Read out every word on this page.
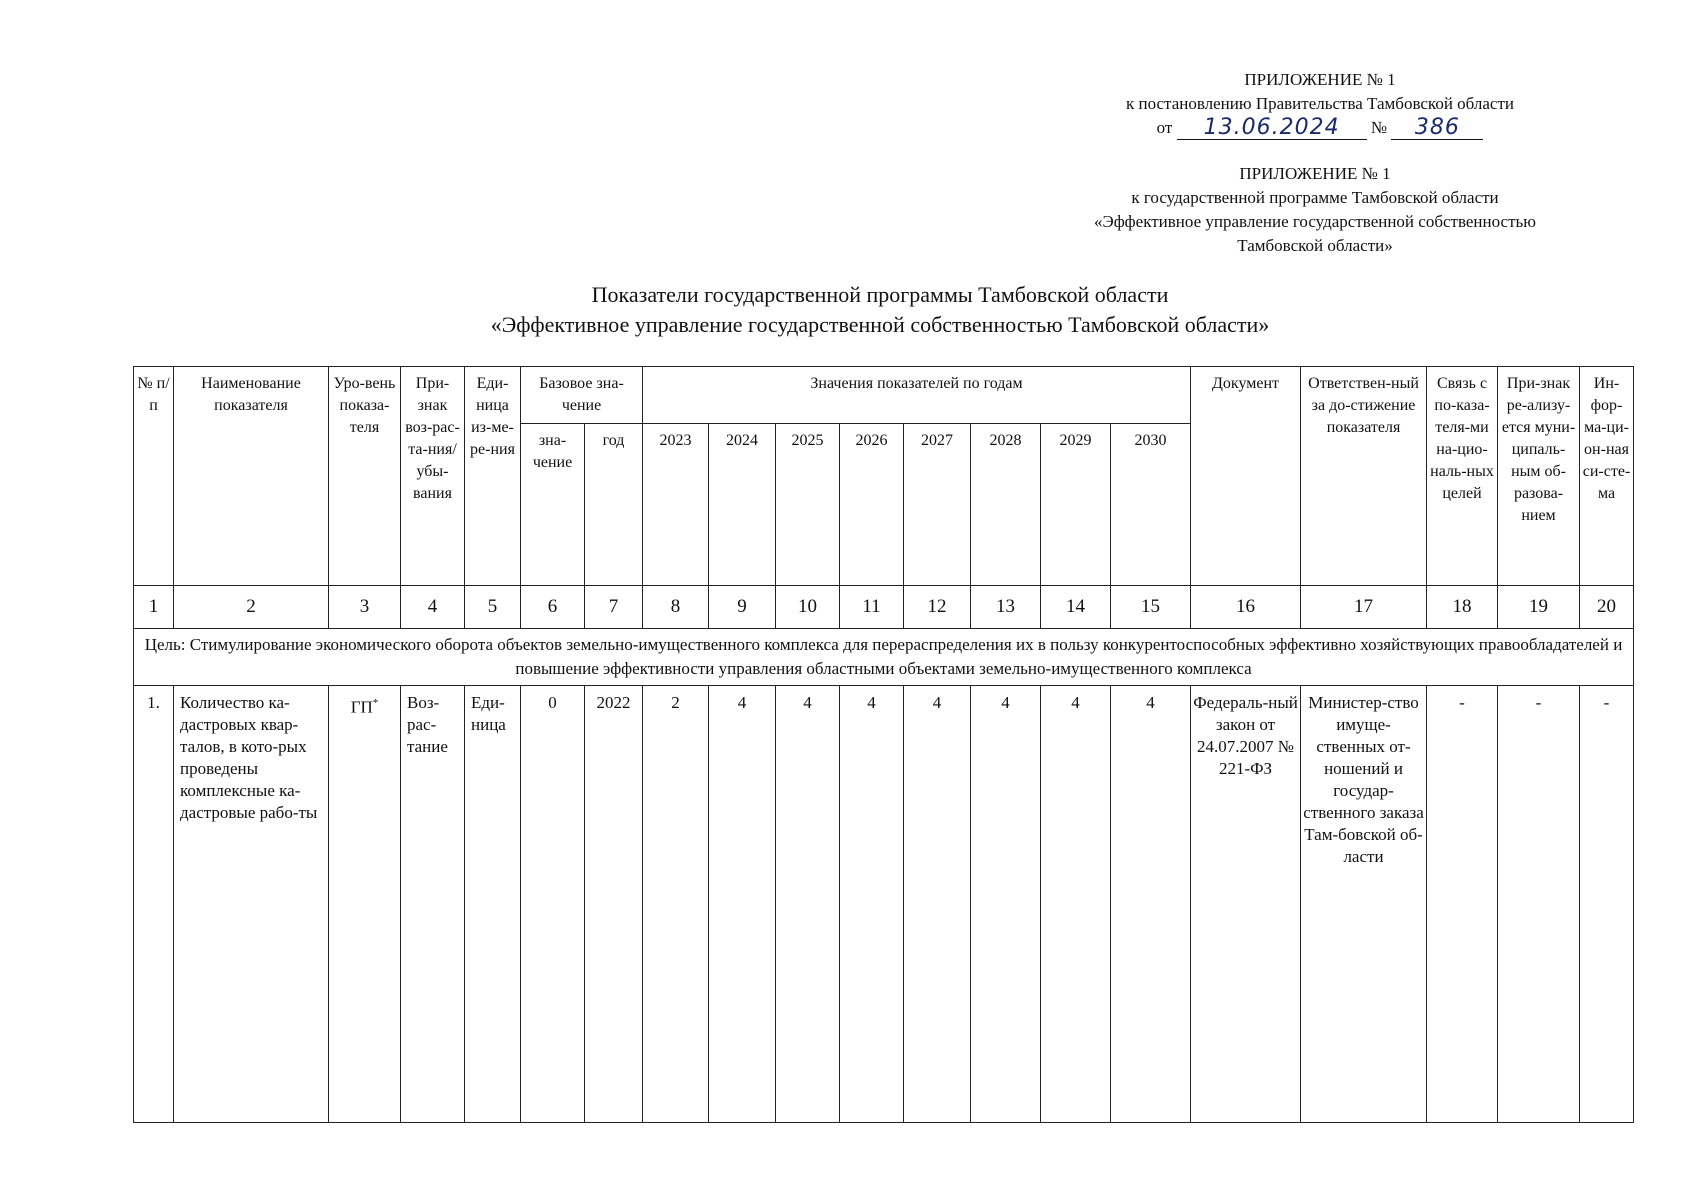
ПРИЛОЖЕНИЕ № 1
к постановлению Правительства Тамбовской области
от 13.06.2024 № 386
ПРИЛОЖЕНИЕ № 1
к государственной программе Тамбовской области
«Эффективное управление государственной собственностью
Тамбовской области»
Показатели государственной программы Тамбовской области
«Эффективное управление государственной собственностью Тамбовской области»
№ п/п	Наименование показателя	Уро-вень показа-теля	При-знак воз-рас-та-ния/ убы-вания	Еди-ница из-ме-ре-ния	Базовое зна-чение		Значения показателей по годам								Документ	Ответствен-ный за до-стижение показателя	Связь с по-каза-теля-ми на-цио-наль-ных целей	При-знак ре-ализу-ется муни-ципаль-ным об-разова-нием	Ин-фор-ма-ци-он-ная си-сте-ма
					зна-чение	год	2023	2024	2025	2026	2027	2028	2029	2030					
1	2	3	4	5	6	7	8	9	10	11	12	13	14	15	16	17	18	19	20
Цель: Стимулирование экономического оборота объектов земельно-имущественного комплекса для перераспределения их в пользу конкурентоспособных эффективно хозяйствующих правообладателей и повышение эффективности управления областными объектами земельно-имущественного комплекса																			
1.	Количество ка-дастровых квар-талов, в кото-рых проведены комплексные ка-дастровые рабо-ты	ГП*	Воз-рас-тание	Еди-ница	0	2022	2	4	4	4	4	4	4	4	Федераль-ный закон от 24.07.2007 № 221-ФЗ	Министер-ство имуще-ственных от-ношений и государ-ственного заказа Там-бовской об-ласти	-	-	-
